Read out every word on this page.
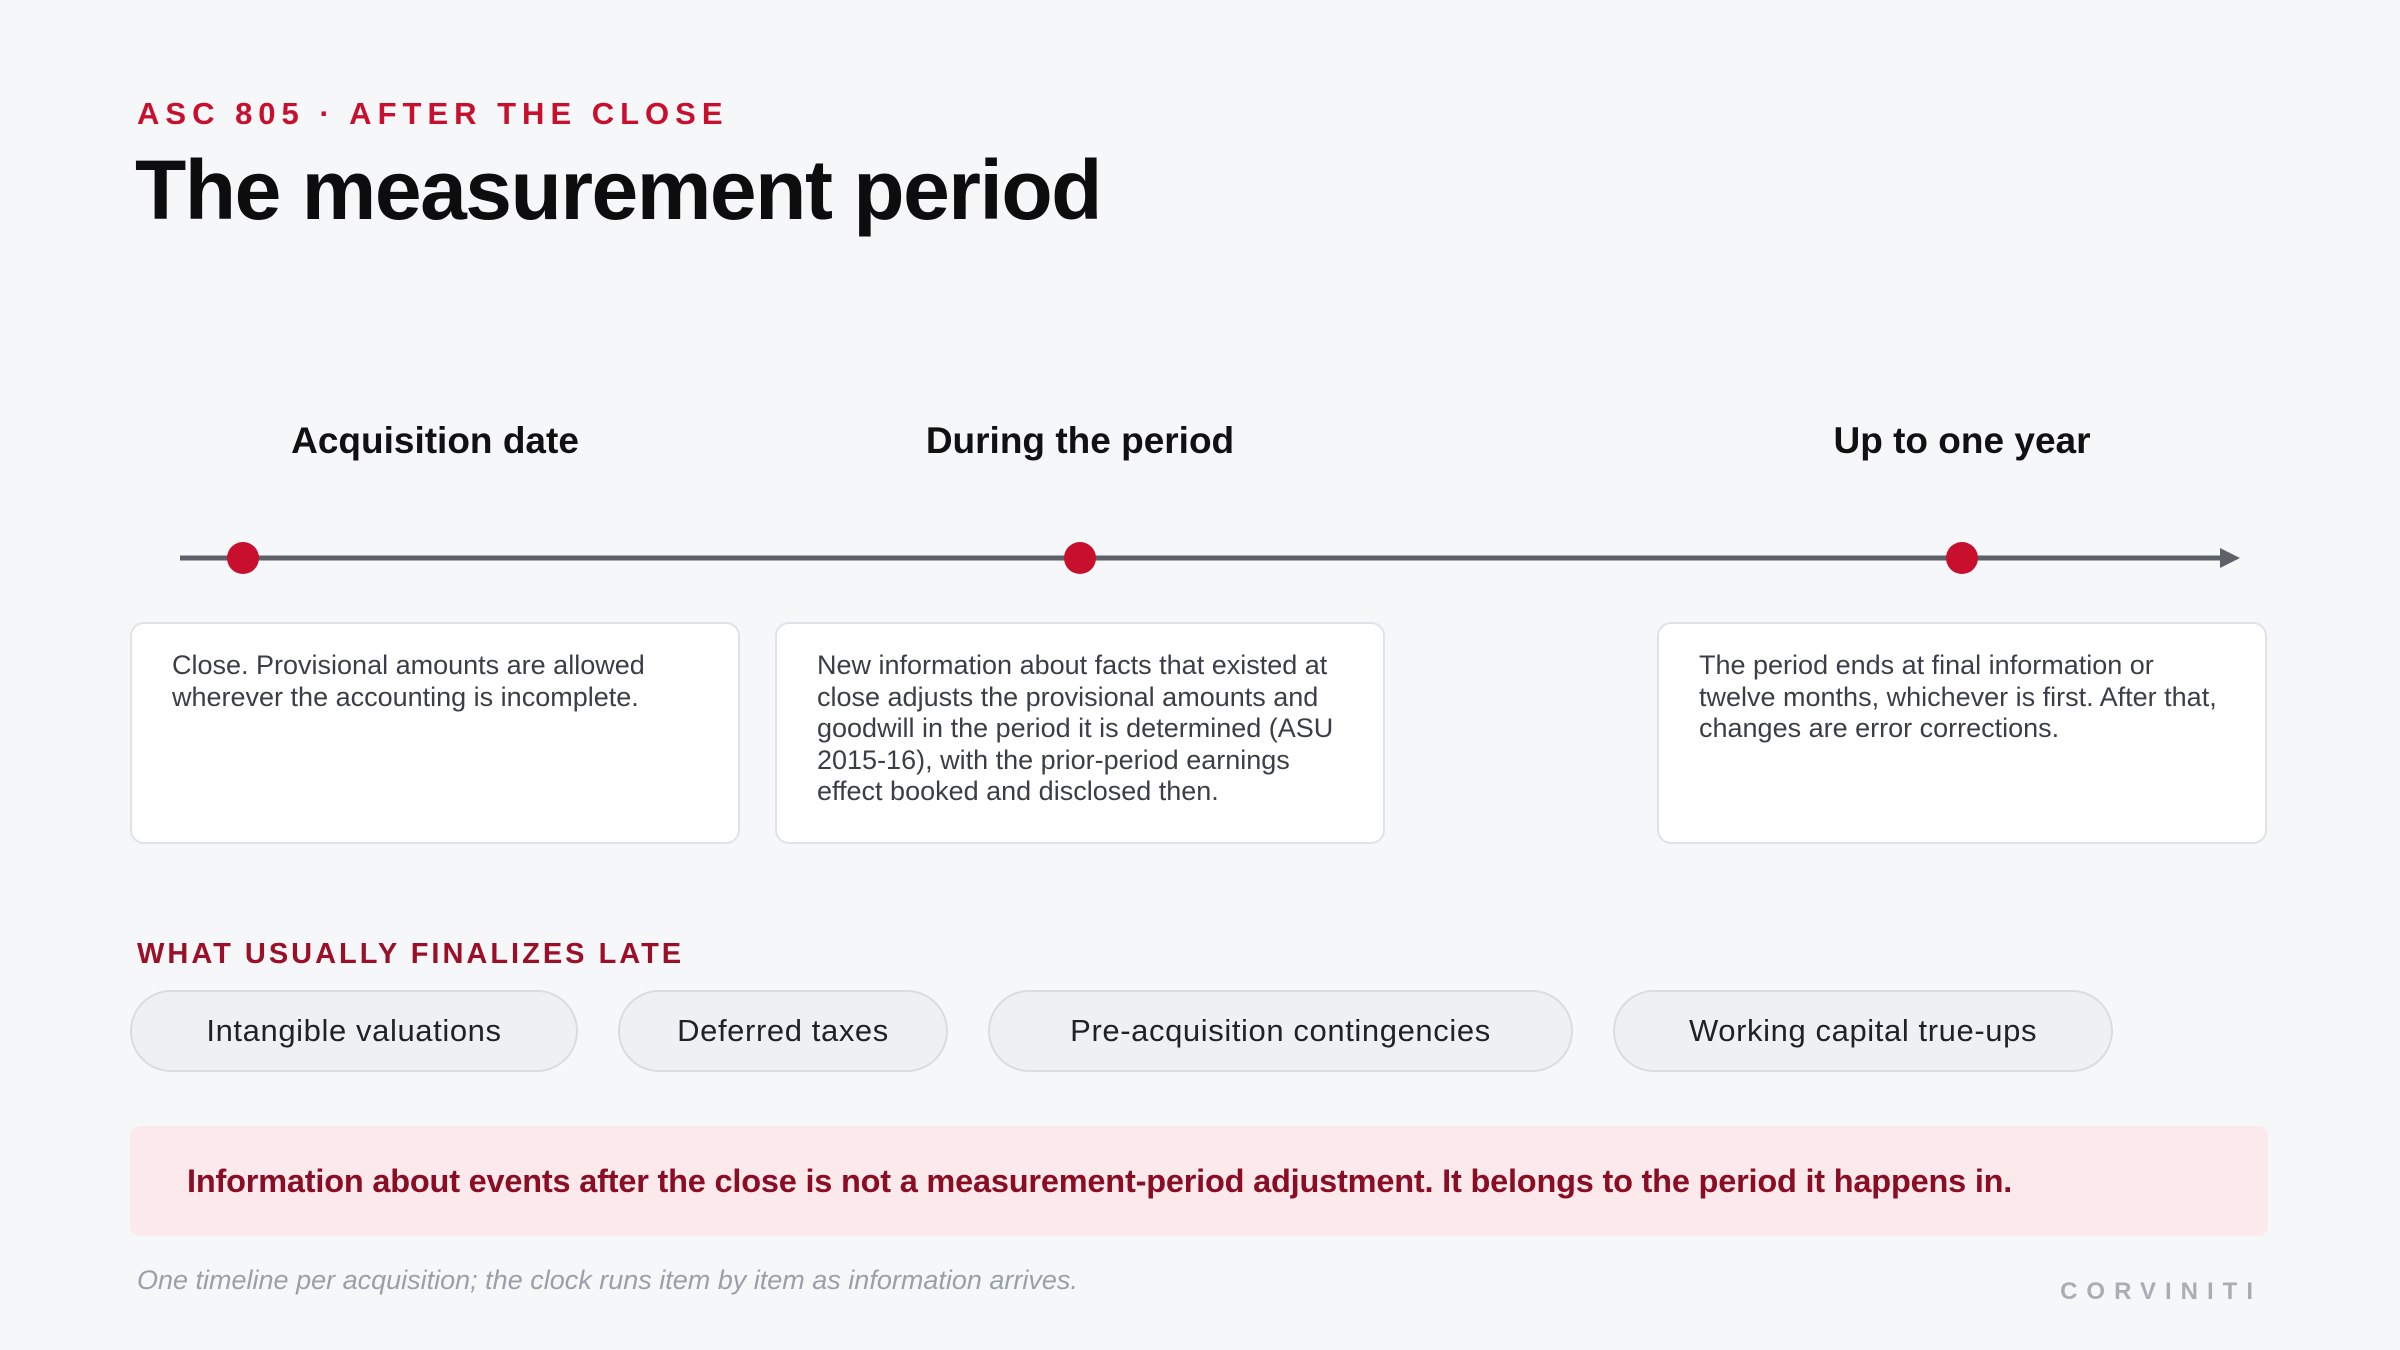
ASC 805 · AFTER THE CLOSE
The measurement period
Acquisition date	During the period	Up to one year
Close. Provisional amounts are allowed wherever the accounting is incomplete.
New information about facts that existed at close adjusts the provisional amounts and goodwill in the period it is determined (ASU 2015-16), with the prior-period earnings effect booked and disclosed then.
The period ends at final information or twelve months, whichever is first. After that, changes are error corrections.
WHAT USUALLY FINALIZES LATE
Intangible valuations	Deferred taxes	Pre-acquisition contingencies	Working capital true-ups
Information about events after the close is not a measurement-period adjustment. It belongs to the period it happens in.
One timeline per acquisition; the clock runs item by item as information arrives.	CORVINITI
